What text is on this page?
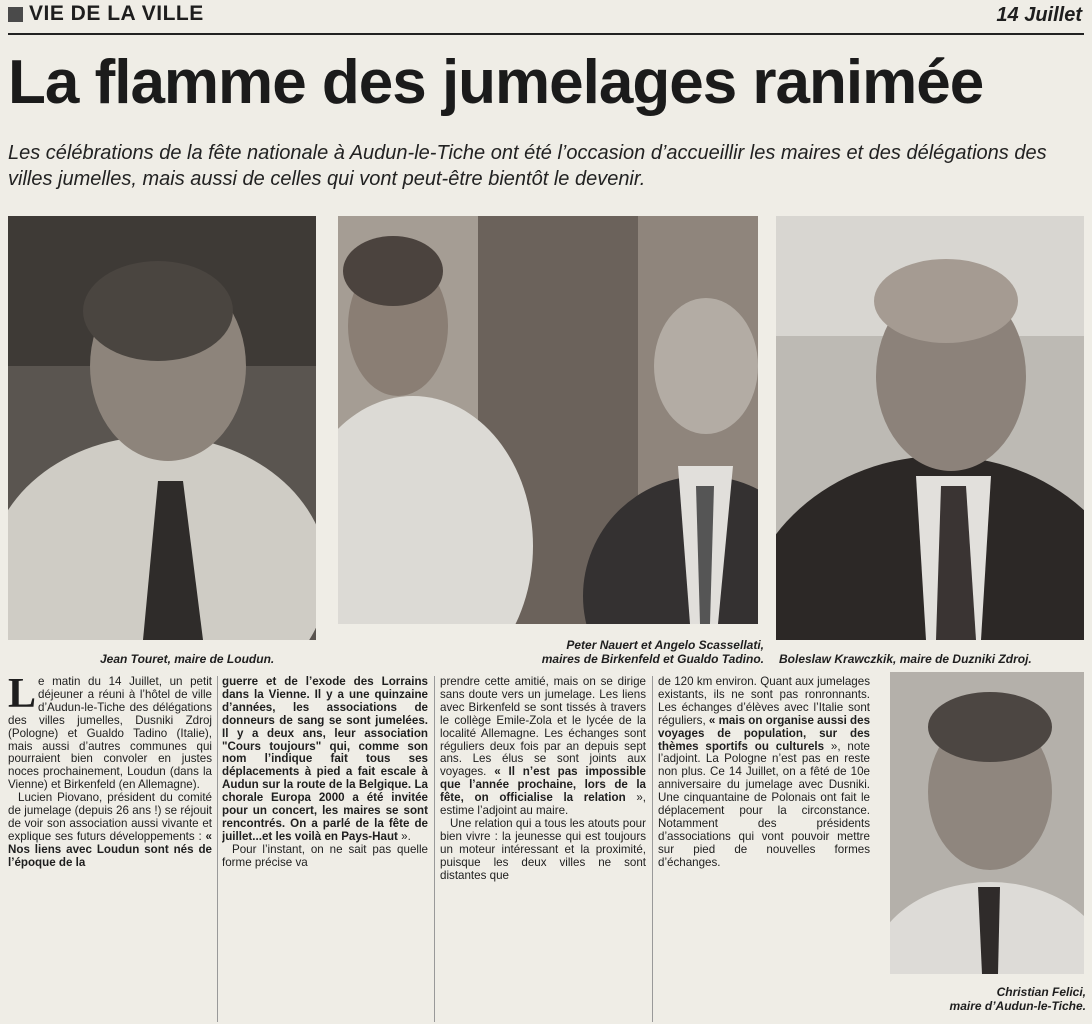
VIE DE LA VILLE	14 Juillet
La flamme des jumelages ranimée
Les célébrations de la fête nationale à Audun-le-Tiche ont été l’occasion d’accueillir les maires et des délégations des villes jumelles, mais aussi de celles qui vont peut-être bientôt le devenir.
Jean Touret, maire de Loudun.
Peter Nauert et Angelo Scassellati,
maires de Birkenfeld et Gualdo Tadino. Boleslaw Krawczkik, maire de Duzniki Zdroj.
Christian Felici,
maire d’Audun-le-Tiche.

Le matin du 14 Juillet, un petit déjeuner a réuni à l’hôtel de ville d’Audun-le-Tiche des délégations des villes jumelles, Dusniki Zdroj (Pologne) et Gualdo Tadino (Italie), mais aussi d’autres communes qui pourraient bien convoler en justes noces prochainement, Loudun (dans la Vienne) et Birkenfeld (en Allemagne).

Lucien Piovano, président du comité de jumelage (depuis 26 ans !) se réjouit de voir son association aussi vivante et explique ses futurs développements : « Nos liens avec Loudun sont nés de l’époque de la

guerre et de l’exode des Lorrains dans la Vienne. Il y a une quinzaine d’années, les associations de donneurs de sang se sont jumelées. Il y a deux ans, leur association "Cours toujours" qui, comme son nom l’indique fait tous ses déplacements à pied a fait escale à Audun sur la route de la Belgique. La chorale Europa 2000 a été invitée pour un concert, les maires se sont rencontrés. On a parlé de la fête de juillet...et les voilà en Pays-Haut ».

Pour l’instant, on ne sait pas quelle forme précise va

prendre cette amitié, mais on se dirige sans doute vers un jumelage. Les liens avec Birkenfeld se sont tissés à travers le collège Emile-Zola et le lycée de la localité Allemagne. Les échanges sont réguliers deux fois par an depuis sept ans. Les élus se sont joints aux voyages. « Il n’est pas impossible que l’année prochaine, lors de la fête, on officialise la relation », estime l’adjoint au maire.

Une relation qui a tous les atouts pour bien vivre : la jeunesse qui est toujours un moteur intéressant et la proximité, puisque les deux villes ne sont distantes que

de 120 km environ. Quant aux jumelages existants, ils ne sont pas ronronnants. Les échanges d’élèves avec l’Italie sont réguliers, « mais on organise aussi des voyages de population, sur des thèmes sportifs ou culturels », note l’adjoint. La Pologne n’est pas en reste non plus. Ce 14 Juillet, on a fêté de 10e anniversaire du jumelage avec Dusniki. Une cinquantaine de Polonais ont fait le déplacement pour la circonstance. Notamment des présidents d’associations qui vont pouvoir mettre sur pied de nouvelles formes d’échanges.
